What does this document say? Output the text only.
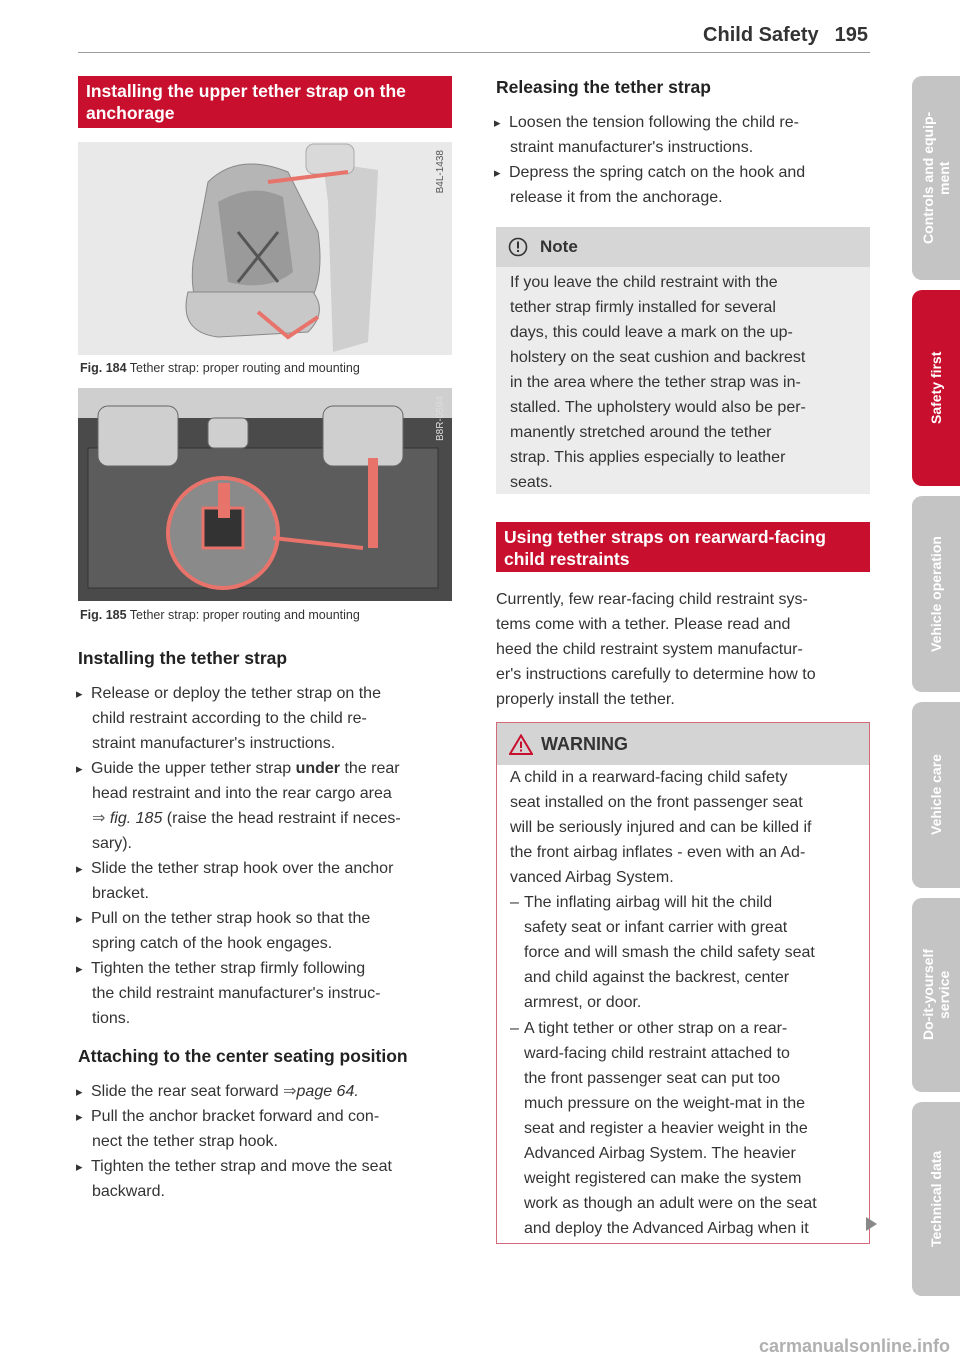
Child Safety 195
Installing the upper tether strap on the anchorage
B4L-1438
Fig. 184 Tether strap: proper routing and mounting
B8R-0594
Fig. 185 Tether strap: proper routing and mounting
Installing the tether strap

▸ Release or deploy the tether strap on the

child restraint according to the child re-

straint manufacturer's instructions.

▸ Guide the upper tether strap under the rear

head restraint and into the rear cargo area

⇒ fig. 185 (raise the head restraint if neces-

sary).

▸ Slide the tether strap hook over the anchor

bracket.

▸ Pull on the tether strap hook so that the

spring catch of the hook engages.

▸ Tighten the tether strap firmly following

the child restraint manufacturer's instruc-

tions.

Attaching to the center seating position

▸ Slide the rear seat forward ⇒page 64.

▸ Pull the anchor bracket forward and con-

nect the tether strap hook.

▸ Tighten the tether strap and move the seat

backward.

Releasing the tether strap

▸ Loosen the tension following the child re-

straint manufacturer's instructions.

▸ Depress the spring catch on the hook and

release it from the anchorage.

Note

If you leave the child restraint with the

tether strap firmly installed for several

days, this could leave a mark on the up-

holstery on the seat cushion and backrest

in the area where the tether strap was in-

stalled. The upholstery would also be per-

manently stretched around the tether

strap. This applies especially to leather

seats.

Using tether straps on rearward-facing child restraints

Currently, few rear-facing child restraint sys-

tems come with a tether. Please read and

heed the child restraint system manufactur-

er's instructions carefully to determine how to

properly install the tether.

WARNING

A child in a rearward-facing child safety

seat installed on the front passenger seat

will be seriously injured and can be killed if

the front airbag inflates - even with an Ad-

vanced Airbag System.

– The inflating airbag will hit the child

safety seat or infant carrier with great

force and will smash the child safety seat

and child against the backrest, center

armrest, or door.

– A tight tether or other strap on a rear-

ward-facing child restraint attached to

the front passenger seat can put too

much pressure on the weight-mat in the

seat and register a heavier weight in the

Advanced Airbag System. The heavier

weight registered can make the system

work as though an adult were on the seat

and deploy the Advanced Airbag when it

Controls and equip-
ment
Safety first
Vehicle operation
Vehicle care
Do-it-yourself
service
Technical data
carmanualsonline.info
